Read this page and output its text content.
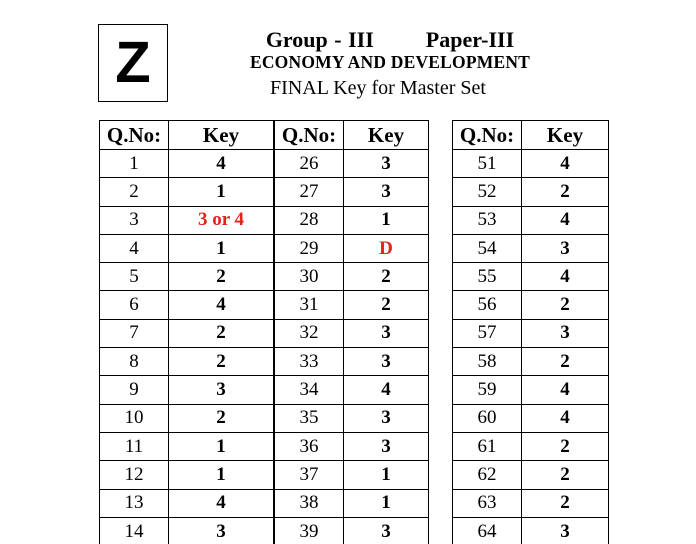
Z	Group - III Paper-III
ECONOMY AND DEVELOPMENT
FINAL Key for Master Set
Q.No:	Key
1	4
2	1
3	3 or 4
4	1
5	2
6	4
7	2
8	2
9	3
10	2
11	1
12	1
13	4
14	3
Q.No:	Key
26	3
27	3
28	1
29	D
30	2
31	2
32	3
33	3
34	4
35	3
36	3
37	1
38	1
39	3
Q.No:	Key
51	4
52	2
53	4
54	3
55	4
56	2
57	3
58	2
59	4
60	4
61	2
62	2
63	2
64	3
